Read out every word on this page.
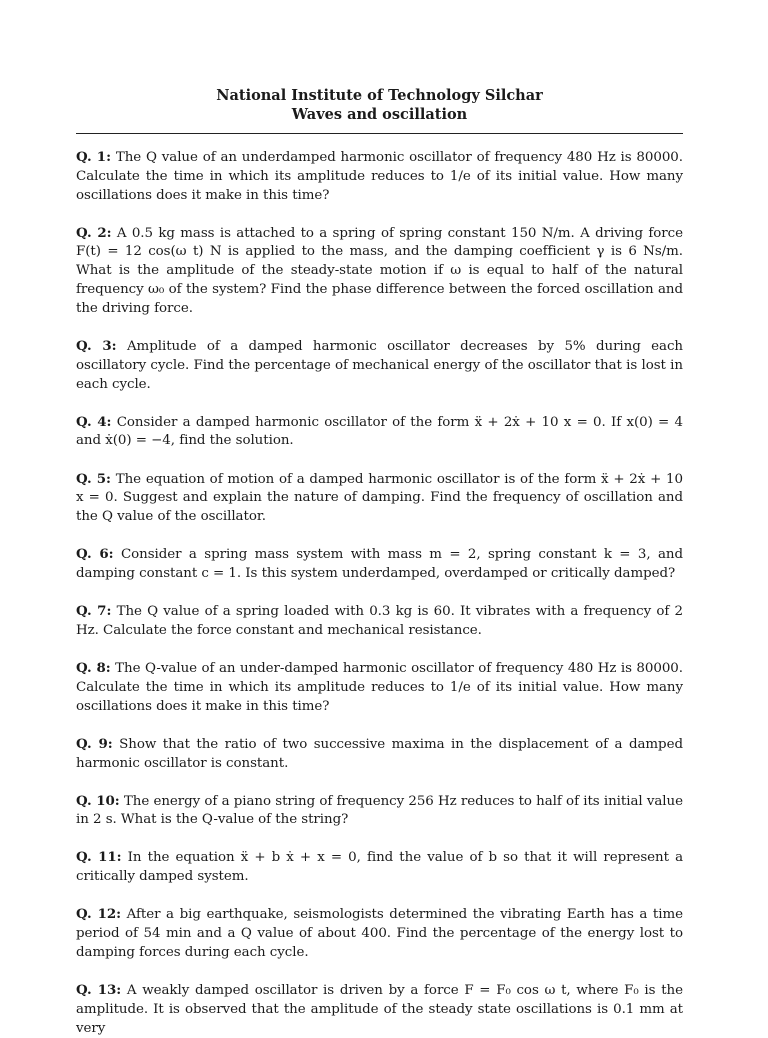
National Institute of Technology Silchar
Waves and oscillation

Q. 1: The Q value of an underdamped harmonic oscillator of frequency 480 Hz is 80000. Calculate the time in which its amplitude reduces to 1/e of its initial value. How many oscillations does it make in this time?

Q. 2: A 0.5 kg mass is attached to a spring of spring constant 150 N/m. A driving force F(t) = 12 cos(ω t) N is applied to the mass, and the damping coefficient γ is 6 Ns/m. What is the amplitude of the steady-state motion if ω is equal to half of the natural frequency ω₀ of the system? Find the phase difference between the forced oscillation and the driving force.

Q. 3: Amplitude of a damped harmonic oscillator decreases by 5% during each oscillatory cycle. Find the percentage of mechanical energy of the oscillator that is lost in each cycle.

Q. 4: Consider a damped harmonic oscillator of the form ẍ + 2ẋ + 10 x = 0. If x(0) = 4 and ẋ(0) = −4, find the solution.

Q. 5: The equation of motion of a damped harmonic oscillator is of the form ẍ + 2ẋ + 10 x = 0. Suggest and explain the nature of damping. Find the frequency of oscillation and the Q value of the oscillator.

Q. 6: Consider a spring mass system with mass m = 2, spring constant k = 3, and damping constant c = 1. Is this system underdamped, overdamped or critically damped?

Q. 7: The Q value of a spring loaded with 0.3 kg is 60. It vibrates with a frequency of 2 Hz. Calculate the force constant and mechanical resistance.

Q. 8: The Q-value of an under-damped harmonic oscillator of frequency 480 Hz is 80000. Calculate the time in which its amplitude reduces to 1/e of its initial value. How many oscillations does it make in this time?

Q. 9: Show that the ratio of two successive maxima in the displacement of a damped harmonic oscillator is constant.

Q. 10: The energy of a piano string of frequency 256 Hz reduces to half of its initial value in 2 s. What is the Q-value of the string?

Q. 11: In the equation ẍ + b ẋ + x = 0, find the value of b so that it will represent a critically damped system.

Q. 12: After a big earthquake, seismologists determined the vibrating Earth has a time period of 54 min and a Q value of about 400. Find the percentage of the energy lost to damping forces during each cycle.

Q. 13: A weakly damped oscillator is driven by a force F = F₀ cos ω t, where F₀ is the amplitude. It is observed that the amplitude of the steady state oscillations is 0.1 mm at very
